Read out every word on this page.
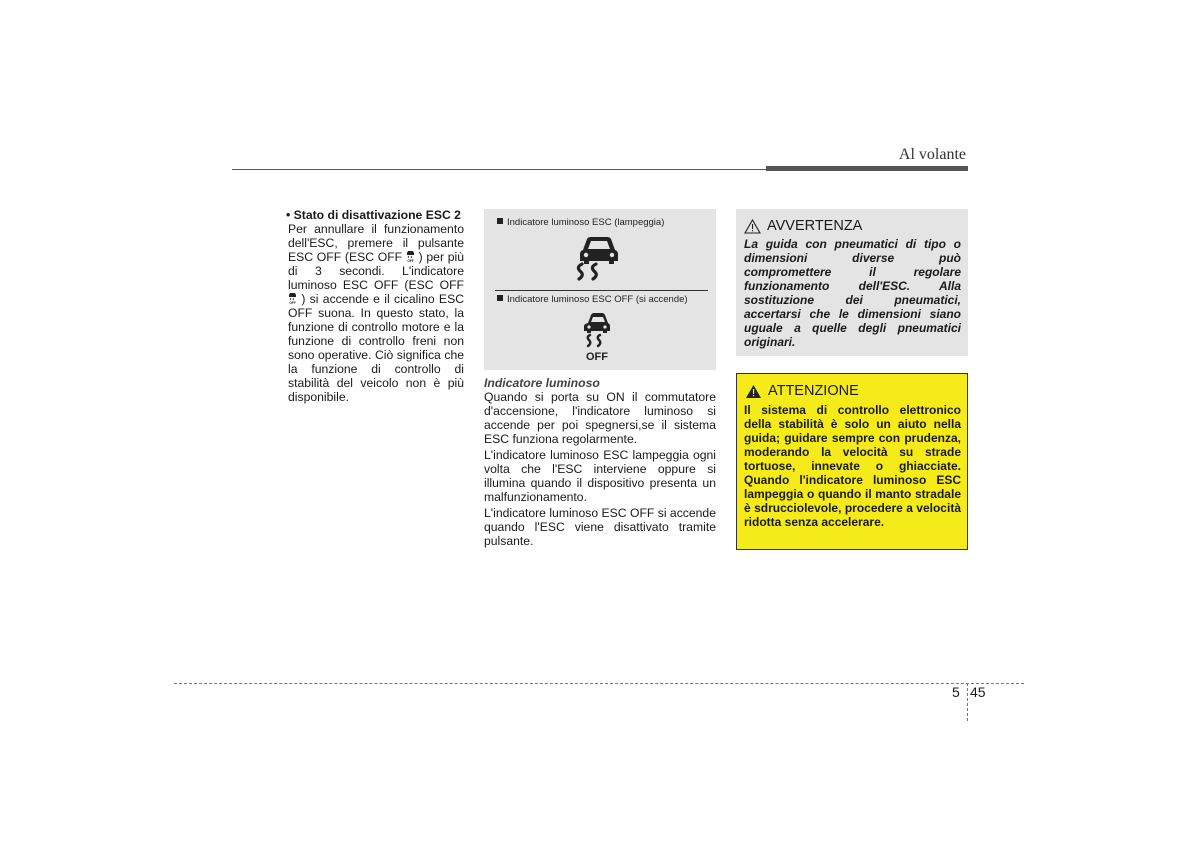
Al volante
• Stato di disattivazione ESC 2
Per annullare il funzionamento dell'ESC, premere il pulsante ESC OFF (ESC OFF OFF ) per più di 3 secondi. L'indicatore luminoso ESC OFF (ESC OFF
OFF ) si accende e il cicalino ESC OFF suona. In questo stato, la funzione di controllo motore e la funzione di controllo freni non sono operative. Ciò significa che la funzione di controllo di stabilità del veicolo non è più disponibile.
Indicatore luminoso ESC (lampeggia)
Indicatore luminoso ESC OFF (si accende)
OFF
Indicatore luminoso

Quando si porta su ON il commutatore d'accensione, l'indicatore luminoso si accende per poi spegnersi,se il sistema ESC funziona regolarmente.

L'indicatore luminoso ESC lampeggia ogni volta che l'ESC interviene oppure si illumina quando il dispositivo presenta un malfunzionamento.

L'indicatore luminoso ESC OFF si accende quando l'ESC viene disattivato tramite pulsante.

AVVERTENZA
La guida con pneumatici di tipo o dimensioni diverse può compromettere il regolare funzionamento dell'ESC. Alla sostituzione dei pneumatici, accertarsi che le dimensioni siano uguale a quelle degli pneumatici originari.
ATTENZIONE
Il sistema di controllo elettronico della stabilità è solo un aiuto nella guida; guidare sempre con prudenza, moderando la velocità su strade tortuose, innevate o ghiacciate. Quando l'indicatore luminoso ESC lampeggia o quando il manto stradale è sdrucciolevole, procedere a velocità ridotta senza accelerare.
5 45
